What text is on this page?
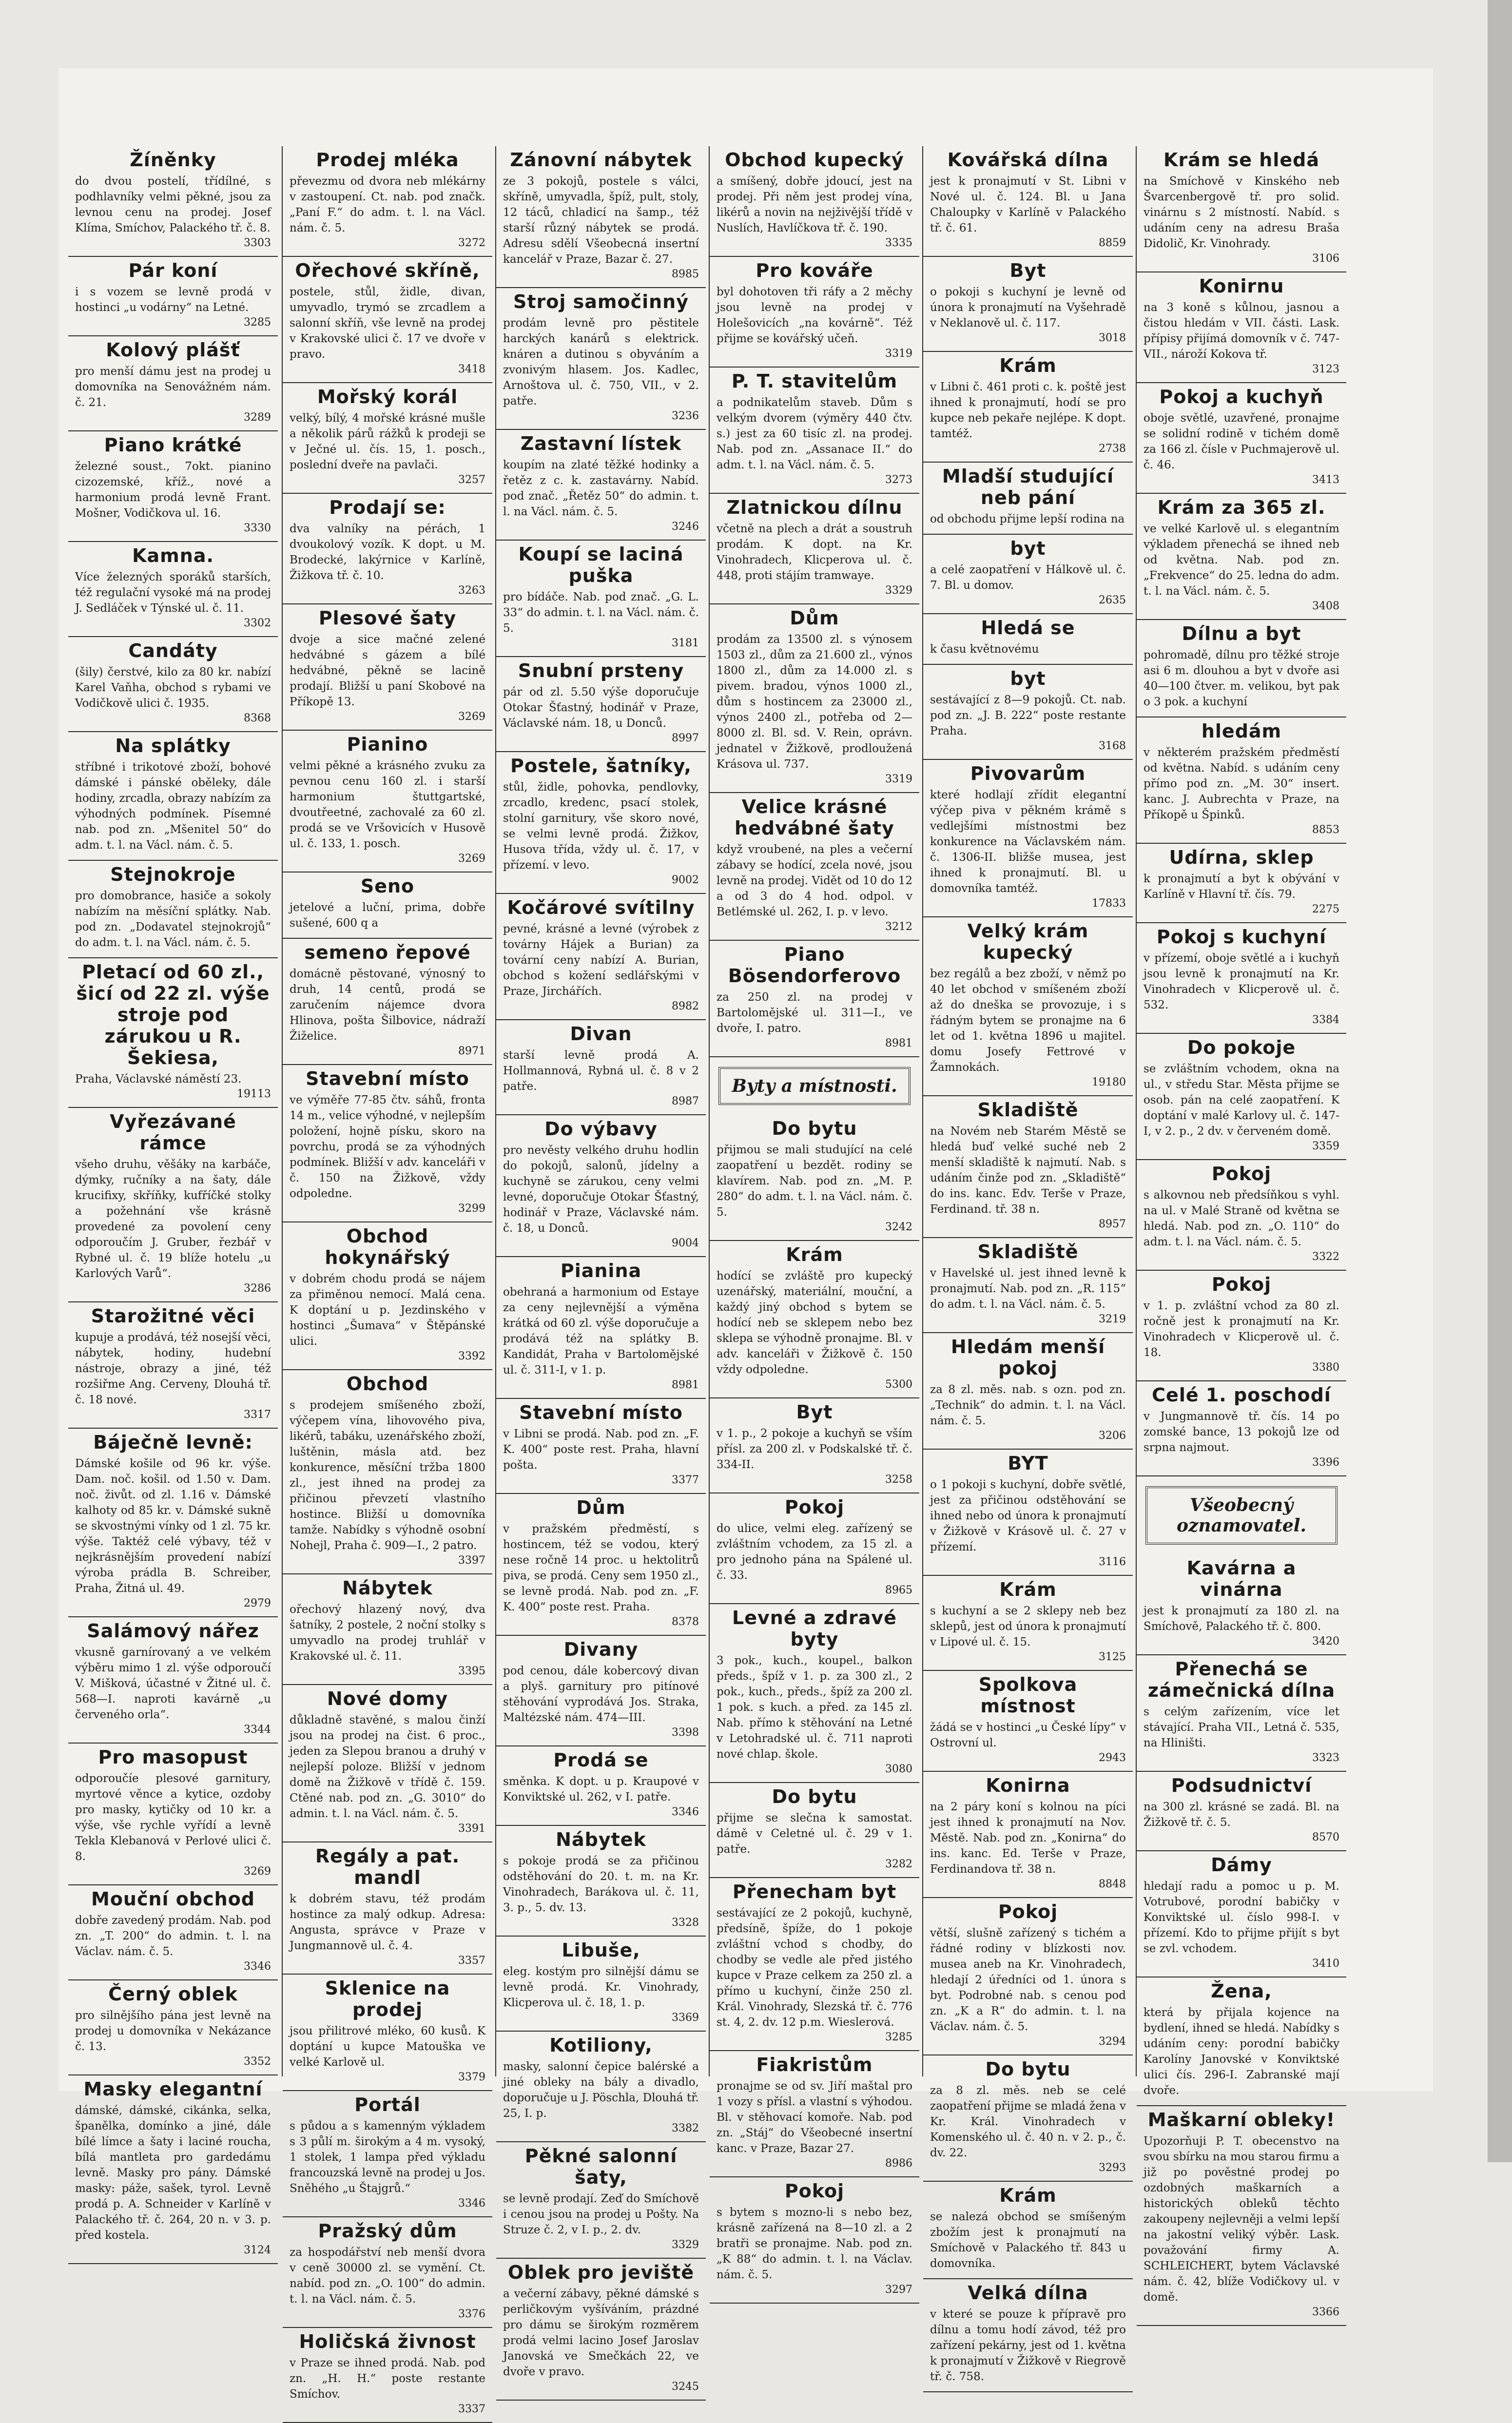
Žíněnky
do dvou postelí, třídílné, s podhlavníky velmi pěkné, jsou za levnou cenu na prodej. Josef Klíma, Smíchov, Palackého tř. č. 8.
3303
Pár koní
i s vozem se levně prodá v hostinci „u vodárny“ na Letné.
3285
Kolový plášť
pro menší dámu jest na prodej u domovníka na Senovážném nám. č. 21.
3289
Piano krátké
železné soust., 7okt. pianino cizozemské, kříž., nové a harmonium prodá levně Frant. Mošner, Vodičkova ul. 16.
3330
Kamna.
Více železných sporáků starších, též regulační vysoké má na prodej J. Sedláček v Týnské ul. č. 11.
3302
Candáty
(šily) čerstvé, kilo za 80 kr. nabízí Karel Vaňha, obchod s rybami ve Vodičkově ulici č. 1935.
8368
Na splátky
stříbné i trikotové zboží, bohové dámské i pánské oběleky, dále hodiny, zrcadla, obrazy nabízím za výhodných podmínek. Písemné nab. pod zn. „Mšenitel 50“ do adm. t. l. na Václ. nám. č. 5.
Stejnokroje
pro domobrance, hasiče a sokoly nabízím na měsíční splátky. Nab. pod zn. „Dodavatel stejnokrojů“ do adm. t. l. na Václ. nám. č. 5.
Pletací od 60 zl., šicí od 22 zl. výše stroje pod zárukou u R. Šekiesa,
Praha, Václavské náměstí 23.
19113
Vyřezávané rámce
všeho druhu, věšáky na karbáče, dýmky, ručníky a na šaty, dále krucifixy, skříňky, kufříčké stolky a požehnání vše krásně provedené za povolení ceny odporoučím J. Gruber, řezbář v Rybné ul. č. 19 blíže hotelu „u Karlových Varů“.
3286
Starožitné věci
kupuje a prodává, též nosejší věci, nábytek, hodiny, hudební nástroje, obrazy a jiné, též rozšiřme Ang. Cerveny, Dlouhá tř. č. 18 nové.
3317
Báječně levně:
Dámské košile od 96 kr. výše. Dam. noč. košil. od 1.50 v. Dam. noč. živůt. od zl. 1.16 v. Dámské kalhoty od 85 kr. v. Dámské sukně se skvostnými vínky od 1 zl. 75 kr. výše. Taktéž celé výbavy, též v nejkrásnějším provedení nabízí výroba prádla B. Schreiber, Praha, Žitná ul. 49.
2979
Salámový nářez
vkusně garnírovaný a ve velkém výběru mimo 1 zl. výše odporoučí V. Mišková, účastné v Žitné ul. č. 568—I. naproti kavárně „u červeného orla“.
3344
Pro masopust
odporoučíe plesové garnitury, myrtové věnce a kytice, ozdoby pro masky, kytičky od 10 kr. a výše, vše rychle vyřídí a levně Tekla Klebanová v Perlové ulici č. 8.
3269
Mouční obchod
dobře zavedený prodám. Nab. pod zn. „T. 200“ do admin. t. l. na Václav. nám. č. 5.
3346
Černý oblek
pro silnějšího pána jest levně na prodej u domovníka v Nekázance č. 13.
3352
Masky elegantní
dámské, dámské, cikánka, selka, španělka, domínko a jiné, dále bílé límce a šaty i laciné roucha, bílá mantleta pro gardedámu levně. Masky pro pány. Dámské masky: páže, sašek, tyrol. Levně prodá p. A. Schneider v Karlíně v Palackého tř. č. 264, 20 n. v 3. p. před kostela.
3124
Prodej mléka
převezmu od dvora neb mlékárny v zastoupení. Ct. nab. pod značk. „Paní F.“ do adm. t. l. na Václ. nám. č. 5.
3272
Ořechové skříně,
postele, stůl, židle, divan, umyvadlo, trymó se zrcadlem a salonní skříň, vše levně na prodej v Krakovské ulici č. 17 ve dvoře v pravo.
3418
Mořský korál
velký, bílý, 4 mořské krásné mušle a několik párů rážků k prodeji se v Ječné ul. čís. 15, 1. posch., poslední dveře na pavlači.
3257
Prodají se:
dva valníky na pérách, 1 dvoukolový vozík. K dopt. u M. Brodecké, lakýrnice v Karlíně, Žižkova tř. č. 10.
3263
Plesové šaty
dvoje a sice mačné zelené hedvábné s gázem a bílé hedvábné, pěkně se lacině prodají. Bližší u paní Skobové na Příkopě 13.
3269
Pianino
velmi pěkné a krásného zvuku za pevnou cenu 160 zl. i starší harmonium štuttgartské, dvoutřeetné, zachovalé za 60 zl. prodá se ve Vršovicích v Husově ul. č. 133, 1. posch.
3269
Seno
jetelové a luční, prima, dobře sušené, 600 q a
semeno řepové
domácně pěstované, výnosný to druh, 14 centů, prodá se zaručením nájemce dvora Hlinova, pošta Šilbovice, nádraží Žiželice.
8971
Stavební místo
ve výměře 77-85 čtv. sáhů, fronta 14 m., velice výhodné, v nejlepším položení, hojně písku, skoro na povrchu, prodá se za výhodných podmínek. Bližší v adv. kanceláři v č. 150 na Žižkově, vždy odpoledne.
3299
Obchod hokynářský
v dobrém chodu prodá se nájem za přiměnou nemocí. Malá cena. K doptání u p. Jezdinského v hostinci „Šumava“ v Štěpánské ulici.
3392
Obchod
s prodejem smíšeného zboží, výčepem vína, lihovového piva, likérů, tabáku, uzenářského zboží, luštěnin, másla atd. bez konkurence, měsíční tržba 1800 zl., jest ihned na prodej za přičinou převzetí vlastního hostince. Bližší u domovníka tamže. Nabídky s výhodně osobní Nohejl, Praha č. 909—I., 2 patro.
3397
Nábytek
ořechový hlazený nový, dva šatníky, 2 postele, 2 noční stolky s umyvadlo na prodej truhlář v Krakovské ul. č. 11.
3395
Nové domy
důkladně stavěné, s malou činží jsou na prodej na čist. 6 proc., jeden za Slepou branou a druhý v nejlepší poloze. Bližší v jednom domě na Žižkově v třídě č. 159. Ctěné nab. pod zn. „G. 3010“ do admin. t. l. na Václ. nám. č. 5.
3391
Regály a pat. mandl
k dobrém stavu, též prodám hostince za malý odkup. Adresa: Angusta, správce v Praze v Jungmannově ul. č. 4.
3357
Sklenice na prodej
jsou přilitrové mléko, 60 kusů. K doptání u kupce Matouška ve velké Karlově ul.
3379
Portál
s půdou a s kamenným výkladem s 3 půlí m. širokým a 4 m. vysoký, 1 stolek, 1 lampa před výkladu francouzská levně na prodej u Jos. Sněhého „u Štajgrů.“
3346
Pražský dům
za hospodářství neb menší dvora v ceně 30000 zl. se vymění. Ct. nabíd. pod zn. „O. 100“ do admin. t. l. na Václ. nám. č. 5.
3376
Holičská živnost
v Praze se ihned prodá. Nab. pod zn. „H. H.“ poste restante Smíchov.
3337
Zánovní nábytek
ze 3 pokojů, postele s válci, skříně, umyvadla, špíž, pult, stoly, 12 táců, chladicí na šamp., též starší různý nábytek se prodá. Adresu sdělí Všeobecná insertní kancelář v Praze, Bazar č. 27.
8985
Stroj samočinný
prodám levně pro pěstitele harckých kanárů s elektrick. knáren a dutinou s obyváním a zvonivým hlasem. Jos. Kadlec, Arnoštova ul. č. 750, VII., v 2. patře.
3236
Zastavní lístek
koupím na zlaté těžké hodinky a řetěz z c. k. zastavárny. Nabíd. pod znač. „Řetěz 50“ do admin. t. l. na Václ. nám. č. 5.
3246
Koupí se laciná puška
pro bídáče. Nab. pod znač. „G. L. 33“ do admin. t. l. na Václ. nám. č. 5.
3181
Snubní prsteny
pár od zl. 5.50 výše doporučuje Otokar Šťastný, hodinář v Praze, Václavské nám. 18, u Donců.
8997
Postele, šatníky,
stůl, židle, pohovka, pendlovky, zrcadlo, kredenc, psací stolek, stolní garnitury, vše skoro nové, se velmi levně prodá. Žižkov, Husova třída, vždy ul. č. 17, v přízemí. v levo.
9002
Kočárové svítilny
pevné, krásné a levné (výrobek z továrny Hájek a Burian) za tovární ceny nabízí A. Burian, obchod s kožení sedlářskými v Praze, Jirchářích.
8982
Divan
starší levně prodá A. Hollmannová, Rybná ul. č. 8 v 2 patře.
8987
Do výbavy
pro nevěsty velkého druhu hodlin do pokojů, salonů, jídelny a kuchyně se zárukou, ceny velmi levné, doporučuje Otokar Šťastný, hodinář v Praze, Václavské nám. č. 18, u Donců.
9004
Pianina
obehraná a harmonium od Estaye za ceny nejlevnější a výměna krátká od 60 zl. výše doporučuje a prodává též na splátky B. Kandidát, Praha v Bartolomějské ul. č. 311-I, v 1. p.
8981
Stavební místo
v Libni se prodá. Nab. pod zn. „F. K. 400“ poste rest. Praha, hlavní pošta.
3377
Dům
v pražském předměstí, s hostincem, též se vodou, který nese ročně 14 proc. u hektolitrů piva, se prodá. Ceny sem 1950 zl., se levně prodá. Nab. pod zn. „F. K. 400“ poste rest. Praha.
8378
Divany
pod cenou, dále kobercový divan a plyš. garnitury pro pitínové stěhování vyprodává Jos. Straka, Maltézské nám. 474—III.
3398
Prodá se
směnka. K dopt. u p. Kraupové v Konviktské ul. 262, v I. patře.
3346
Nábytek
s pokoje prodá se za přičinou odstěhování do 20. t. m. na Kr. Vinohradech, Barákova ul. č. 11, 3. p., 5. dv. 13.
3328
Libuše,
eleg. kostým pro silnější dámu se levně prodá. Kr. Vinohrady, Klicperova ul. č. 18, 1. p.
3369
Kotiliony,
masky, salonní čepice balérské a jiné obleky na bály a divadlo, doporučuje u J. Pöschla, Dlouhá tř. 25, I. p.
3382
Pěkné salonní šaty,
se levně prodají. Zeď do Smíchově i cenou jsou na prodej u Pošty. Na Struze č. 2, v I. p., 2. dv.
3329
Oblek pro jeviště
a večerní zábavy, pěkné dámské s perličkovým vyšíváním, prázdné pro dámu se širokým rozměrem prodá velmi lacino Josef Jaroslav Janovská ve Smečkách 22, ve dvoře v pravo.
3245
Obchod kupecký
a smíšený, dobře jdoucí, jest na prodej. Při něm jest prodej vína, likérů a novin na nejživější třídě v Nuslích, Havlíčkova tř. č. 190.
3335
Pro kováře
byl dohotoven tři ráfy a 2 měchy jsou levně na prodej v Holešovicích „na kovárně“. Též přijme se kovářský učeň.
3319
P. T. stavitelům
a podnikatelům staveb. Dům s velkým dvorem (výměry 440 čtv. s.) jest za 60 tisíc zl. na prodej. Nab. pod zn. „Assanace II.“ do adm. t. l. na Václ. nám. č. 5.
3273
Zlatnickou dílnu
včetně na plech a drát a soustruh prodám. K dopt. na Kr. Vinohradech, Klicperova ul. č. 448, proti stájím tramwaye.
3329
Dům
prodám za 13500 zl. s výnosem 1503 zl., dům za 21.600 zl., výnos 1800 zl., dům za 14.000 zl. s pivem. bradou, výnos 1000 zl., dům s hostincem za 23000 zl., výnos 2400 zl., potřeba od 2—8000 zl. Bl. sd. V. Rein, oprávn. jednatel v Žižkově, prodloužená Krásova ul. 737.
3319
Velice krásné hedvábné šaty
když vroubené, na ples a večerní zábavy se hodící, zcela nové, jsou levně na prodej. Vidět od 10 do 12 a od 3 do 4 hod. odpol. v Betlémské ul. 262, I. p. v levo.
3212
Piano Bösendorferovo
za 250 zl. na prodej v Bartolomějské ul. 311—I., ve dvoře, I. patro.
8981
Byty a místnosti.
Do bytu
přijmou se mali studující na celé zaopatření u bezdět. rodiny se klavírem. Nab. pod zn. „M. P. 280“ do adm. t. l. na Václ. nám. č. 5.
3242
Krám
hodící se zvláště pro kupecký uzenářský, materiální, mouční, a každý jiný obchod s bytem se hodící neb se sklepem nebo bez sklepa se výhodně pronajme. Bl. v adv. kanceláři v Žižkově č. 150 vždy odpoledne.
5300
Byt
v 1. p., 2 pokoje a kuchyň se vším přísl. za 200 zl. v Podskalské tř. č. 334-II.
3258
Pokoj
do ulice, velmi eleg. zařízený se zvláštním vchodem, za 15 zl. a pro jednoho pána na Spálené ul. č. 33.
8965
Levné a zdravé byty
3 pok., kuch., koupel., balkon předs., špíž v 1. p. za 300 zl., 2 pok., kuch., předs., špíž za 200 zl. 1 pok. s kuch. a před. za 145 zl. Nab. přímo k stěhování na Letné v Letohradské ul. č. 711 naproti nové chlap. škole.
3080
Do bytu
přijme se slečna k samostat. dámě v Celetné ul. č. 29 v 1. patře.
3282
Přenecham byt
sestávající ze 2 pokojů, kuchyně, předsíně, špíže, do 1 pokoje zvláštní vchod s chodby, do chodby se vedle ale před jistého kupce v Praze celkem za 250 zl. a přímo u kuchyní, činže 250 zl. Král. Vinohrady, Slezská tř. č. 776 st. 4, 2. dv. 12 p.m. Wieslerová.
3285
Fiakristům
pronajme se od sv. Jiří maštal pro 1 vozy s přísl. a vlastní s výhodou. Bl. v stěhovací komoře. Nab. pod zn. „Stáj“ do Všeobecné insertní kanc. v Praze, Bazar 27.
8986
Pokoj
s bytem s mozno-li s nebo bez, krásně zařízená na 8—10 zl. a 2 bratři se pronajme. Nab. pod zn. „K 88“ do admin. t. l. na Václav. nám. č. 5.
3297
Kovářská dílna
jest k pronajmutí v St. Libni v Nové ul. č. 124. Bl. u Jana Chaloupky v Karlíně v Palackého tř. č. 61.
8859
Byt
o pokoji s kuchyní je levně od února k pronajmutí na Vyšehradě v Neklanově ul. č. 117.
3018
Krám
v Libni č. 461 proti c. k. poště jest ihned k pronajmutí, hodí se pro kupce neb pekaře nejlépe. K dopt. tamtéž.
2738
Mladší studující neb pání
od obchodu přijme lepší rodina na
byt
a celé zaopatření v Hálkově ul. č. 7. Bl. u domov.
2635
Hledá se
k času květnovému
byt
sestávající z 8—9 pokojů. Ct. nab. pod zn. „J. B. 222“ poste restante Praha.
3168
Pivovarům
které hodlají zřídit elegantní výčep piva v pěkném krámě s vedlejšími místnostmi bez konkurence na Václavském nám. č. 1306-II. bližše musea, jest ihned k pronajmutí. Bl. u domovníka tamtéž.
17833
Velký krám kupecký
bez regálů a bez zboží, v němž po 40 let obchod v smíšeném zboží až do dneška se provozuje, i s řádným bytem se pronajme na 6 let od 1. května 1896 u majitel. domu Josefy Fettrové v Žamnokách.
19180
Skladiště
na Novém neb Starém Městě se hledá buď velké suché neb 2 menší skladiště k najmutí. Nab. s udáním činže pod zn. „Skladiště“ do ins. kanc. Edv. Terše v Praze, Ferdinand. tř. 38 n.
8957
Skladiště
v Havelské ul. jest ihned levně k pronajmutí. Nab. pod zn. „R. 115“ do adm. t. l. na Václ. nám. č. 5.
3219
Hledám menší pokoj
za 8 zl. měs. nab. s ozn. pod zn. „Technik“ do admin. t. l. na Václ. nám. č. 5.
3206
BYT
o 1 pokoji s kuchyní, dobře světlé, jest za přičinou odstěhování se ihned nebo od února k pronajmutí v Žižkově v Krásově ul. č. 27 v přízemí.
3116
Krám
s kuchyní a se 2 sklepy neb bez sklepů, jest od února k pronajmutí v Lipové ul. č. 15.
3125
Spolkova místnost
žádá se v hostinci „u České lípy“ v Ostrovní ul.
2943
Konirna
na 2 páry koní s kolnou na píci jest ihned k pronajmutí na Nov. Městě. Nab. pod zn. „Konirna“ do ins. kanc. Ed. Terše v Praze, Ferdinandova tř. 38 n.
8848
Pokoj
větší, slušně zařízený s tichém a řádné rodiny v blízkosti nov. musea aneb na Kr. Vinohradech, hledají 2 úředníci od 1. února s byt. Podrobné nab. s cenou pod zn. „K a R“ do admin. t. l. na Václav. nám. č. 5.
3294
Do bytu
za 8 zl. měs. neb se celé zaopatření přijme se mladá žena v Kr. Král. Vinohradech v Komenského ul. č. 40 n. v 2. p., č. dv. 22.
3293
Krám
se nalezá obchod se smíšeným zbožím jest k pronajmutí na Smíchově v Palackého tř. 843 u domovníka.
Velká dílna
v které se pouze k přípravě pro dílnu a tomu hodí závod, též pro zařízení pekárny, jest od 1. května k pronajmutí v Žižkově v Riegrově tř. č. 758.
Krám se hledá
na Smíchově v Kinského neb Švarcenbergově tř. pro solid. vinárnu s 2 místností. Nabíd. s udáním ceny na adresu Braša Didolič, Kr. Vinohrady.
3106
Konirnu
na 3 koně s kůlnou, jasnou a čistou hledám v VII. části. Lask. přípisy přijímá domovník v č. 747-VII., nároží Kokova tř.
3123
Pokoj a kuchyň
oboje světlé, uzavřené, pronajme se solidní rodině v tichém domě za 166 zl. čísle v Puchmajerově ul. č. 46.
3413
Krám za 365 zl.
ve velké Karlově ul. s elegantním výkladem přenechá se ihned neb od května. Nab. pod zn. „Frekvence“ do 25. ledna do adm. t. l. na Václ. nám. č. 5.
3408
Dílnu a byt
pohromadě, dílnu pro těžké stroje asi 6 m. dlouhou a byt v dvoře asi 40—100 čtver. m. velikou, byt pak o 3 pok. a kuchyní
hledám
v některém pražském předměstí od května. Nabíd. s udáním ceny přímo pod zn. „M. 30“ insert. kanc. J. Aubrechta v Praze, na Příkopě u Špinků.
8853
Udírna, sklep
k pronajmutí a byt k obývání v Karlíně v Hlavní tř. čís. 79.
2275
Pokoj s kuchyní
v přízemí, oboje světlé a i kuchyň jsou levně k pronajmutí na Kr. Vinohradech v Klicperově ul. č. 532.
3384
Do pokoje
se zvláštním vchodem, okna na ul., v středu Star. Města přijme se osob. pán na celé zaopatření. K doptání v malé Karlovy ul. č. 147-I, v 2. p., 2 dv. v červeném domě.
3359
Pokoj
s alkovnou neb předsíňkou s vyhl. na ul. v Malé Straně od května se hledá. Nab. pod zn. „O. 110“ do adm. t. l. na Václ. nám. č. 5.
3322
Pokoj
v 1. p. zvláštní vchod za 80 zl. ročně jest k pronajmutí na Kr. Vinohradech v Klicperově ul. č. 18.
3380
Celé 1. poschodí
v Jungmannově tř. čís. 14 po zomské bance, 13 pokojů lze od srpna najmout.
3396
Všeobecný oznamovatel.
Kavárna a vinárna
jest k pronajmutí za 180 zl. na Smíchově, Palackého tř. č. 800.
3420
Přenechá se zámečnická dílna
s celým zařízením, více let stávající. Praha VII., Letná č. 535, na Hliništi.
3323
Podsudnictví
na 300 zl. krásné se zadá. Bl. na Žižkově tř. č. 5.
8570
Dámy
hledají radu a pomoc u p. M. Votrubové, porodní babičky v Konviktské ul. číslo 998-I. v přízemí. Kdo to přijme přijít s byt se zvl. vchodem.
3410
Žena,
která by přijala kojence na bydlení, ihned se hledá. Nabídky s udáním ceny: porodní babičky Karolíny Janovské v Konviktské ulici čís. 296-I. Zabranské mají dvoře.
Maškarní obleky!
Upozorňuji P. T. obecenstvo na svou sbírku na mou starou firmu a již po pověstné prodej po ozdobných maškarních a historických obleků těchto zakoupeny nejlevněji a velmi lepší na jakostní veliký výběr. Lask. považování firmy A. SCHLEICHERT, bytem Václavské nám. č. 42, blíže Vodičkovy ul. v domě.
3366
